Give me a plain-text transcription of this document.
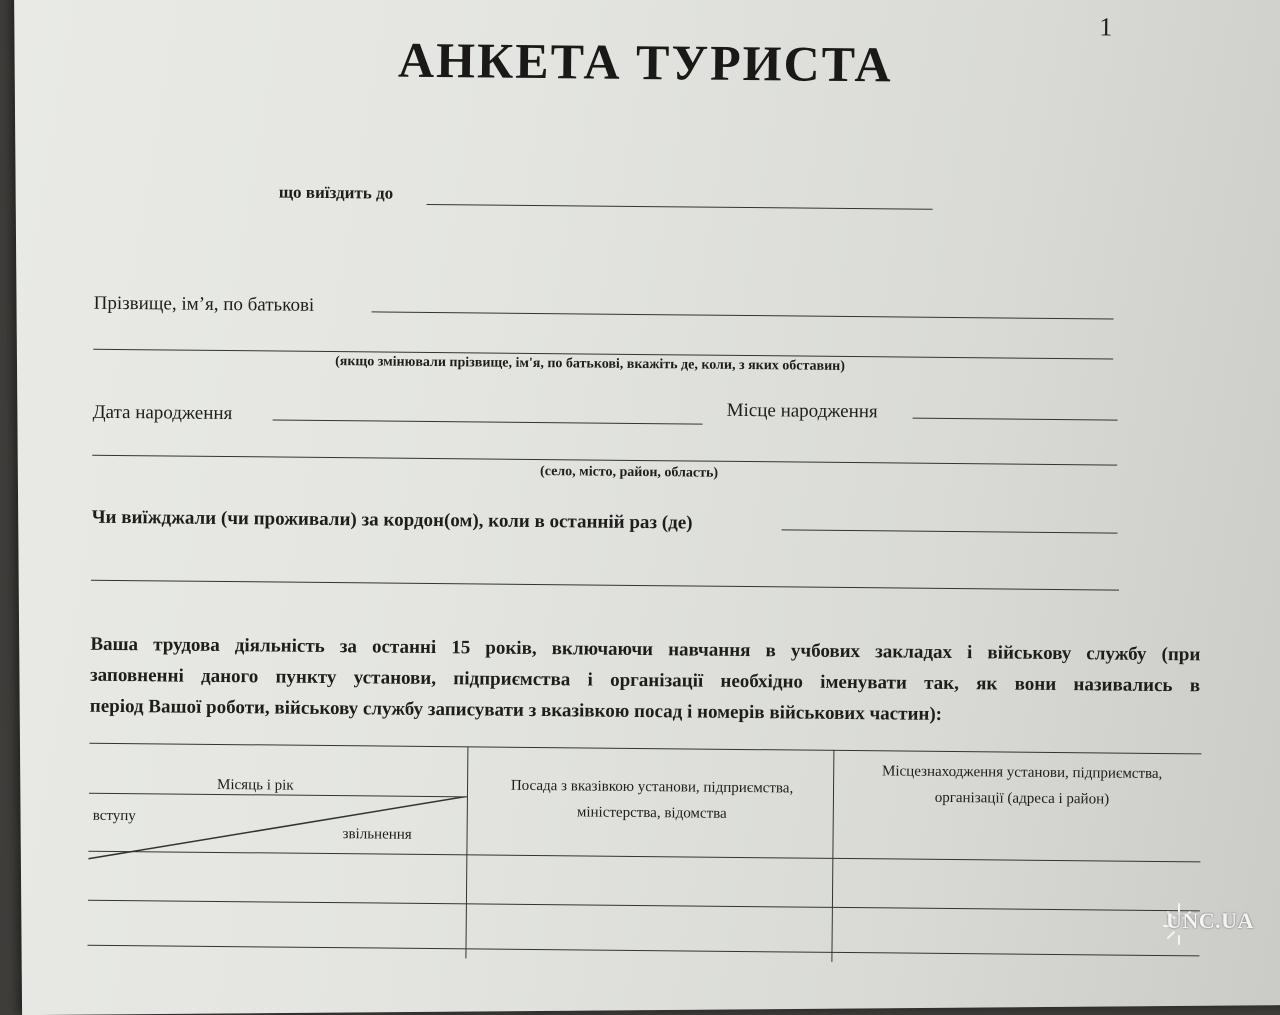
1
АНКЕТА ТУРИСТА
що виїздить до
Прізвище, ім’я, по батькові
(якщо змінювали прізвище, ім'я, по батькові, вкажіть де, коли, з яких обставин)
Дата народження	Місце народження
(село, місто, район, область)
Чи виїжджали (чи проживали) за кордон(ом), коли в останній раз (де)

Ваша трудова діяльність за останні 15 років, включаючи навчання в учбових закладах і військову службу (при

заповненні даного пункту установи, підприємства і організації необхідно іменувати так, як вони називались в

період Вашої роботи, військову службу записувати з вказівкою посад і номерів військових частин):

Місяць і рік
вступу
звільнення
Посада з вказівкою установи, підприємства, міністерства, відомства
Місцезнаходження установи, підприємства, організації (адреса і район)
UNC.UA
